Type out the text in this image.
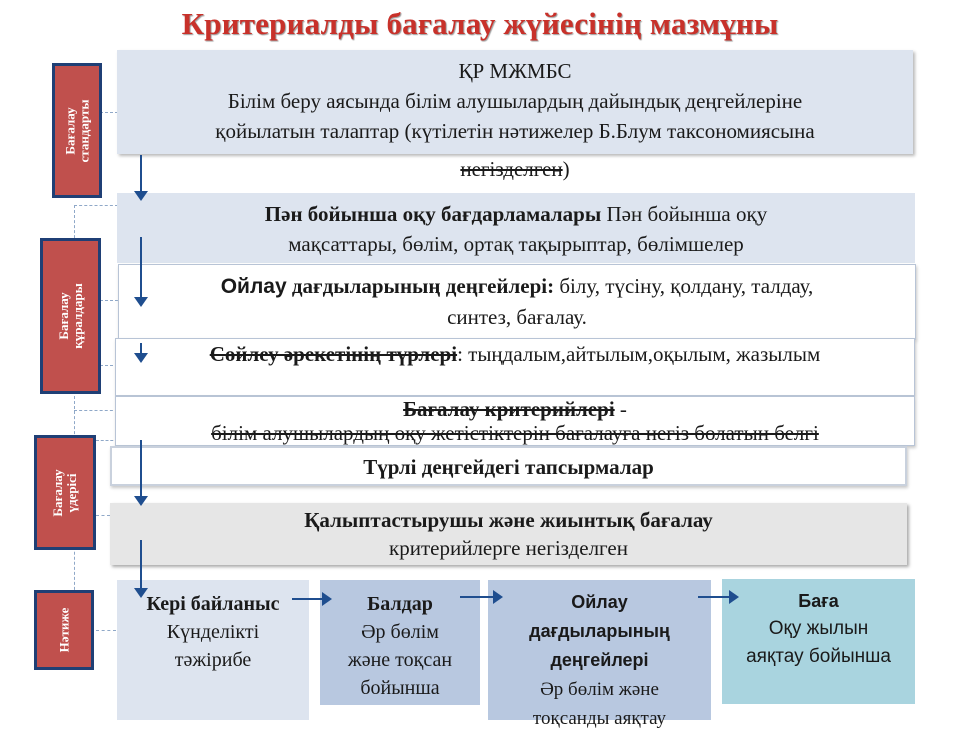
Критериалды бағалау жүйесінің мазмұны
Бағалау стандарты
Бағалау құралдары
Бағалау үдерісі
Нәтиже
ҚР МЖМБС
Білім беру аясында білім алушылардың дайындық деңгейлеріне
қойылатын талаптар (күтілетін нәтижелер Б.Блум таксономиясына
негізделген)
Пән бойынша оқу бағдарламалары Пән бойынша оқу
мақсаттары, бөлім, ортақ тақырыптар, бөлімшелер
Ойлау дағдыларының деңгейлері: білу, түсіну, қолдану, талдау,
синтез, бағалау.
Сөйлеу әрекетінің түрлері: тыңдалым,айтылым,оқылым, жазылым
Бағалау критерийлері -
білім алушылардың оқу жетістіктерін бағалауға негіз болатын белгі
Түрлі деңгейдегі тапсырмалар
Қалыптастырушы және жиынтық бағалау
критерийлерге негізделген
Кері байланыс
Күнделікті
тәжірибе
Балдар
Әр бөлім
және тоқсан
бойынша
Ойлау
дағдыларының
деңгейлері
Әр бөлім және
тоқсанды аяқтау
Баға
Оқу жылын
аяқтау бойынша
